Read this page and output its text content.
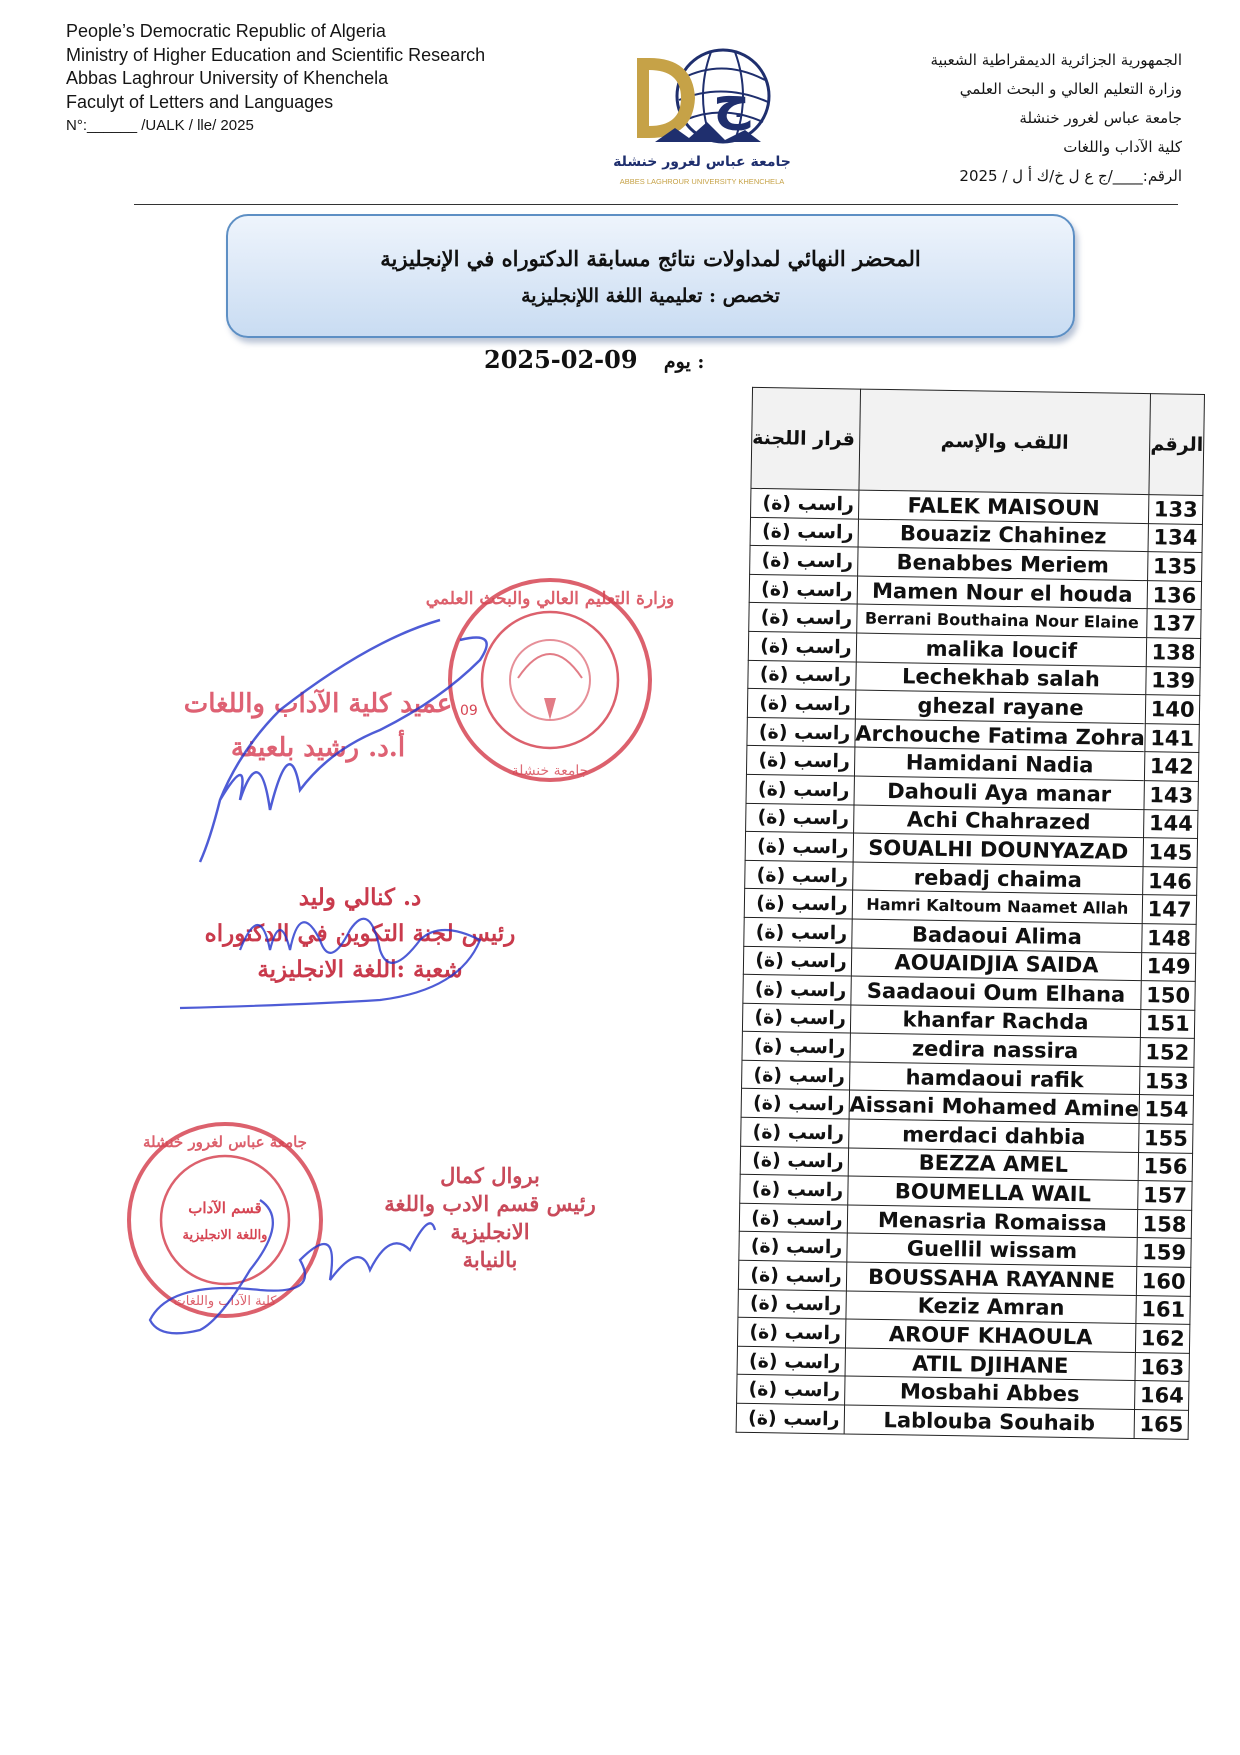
People’s Democratic Republic of Algeria
Ministry of Higher Education and Scientific Research
Abbas Laghrour University of Khenchela
Faculyt of Letters and Languages
N°:______ /UALK / lle/ 2025	ج
جامعة عباس لغرور خنشلة
ABBES LAGHROUR UNIVERSITY KHENCHELA
الجمهورية الجزائرية الديمقراطية الشعبية
وزارة التعليم العالي و البحث العلمي
جامعة عباس لغرور خنشلة
كلية الآداب واللغات
الرقم:____/ج ع ل خ/ك أ ل / 2025
المحضر النهائي لمداولات نتائج مسابقة الدكتوراه في الإنجليزية
تخصص : تعليمية اللغة اللإنجليزية
2025-02-09 يوم :
الرقم	اللقب والإسم	قرار اللجنة
133	FALEK MAISOUN	راسب (ة)
134	Bouaziz Chahinez	راسب (ة)
135	Benabbes Meriem	راسب (ة)
136	Mamen Nour el houda	راسب (ة)
137	Berrani Bouthaina Nour Elaine	راسب (ة)
138	malika loucif	راسب (ة)
139	Lechekhab salah	راسب (ة)
140	ghezal rayane	راسب (ة)
141	Archouche Fatima Zohra	راسب (ة)
142	Hamidani Nadia	راسب (ة)
143	Dahouli Aya manar	راسب (ة)
144	Achi Chahrazed	راسب (ة)
145	SOUALHI DOUNYAZAD	راسب (ة)
146	rebadj chaima	راسب (ة)
147	Hamri Kaltoum Naamet Allah	راسب (ة)
148	Badaoui Alima	راسب (ة)
149	AOUAIDJIA SAIDA	راسب (ة)
150	Saadaoui Oum Elhana	راسب (ة)
151	khanfar Rachda	راسب (ة)
152	zedira nassira	راسب (ة)
153	hamdaoui rafik	راسب (ة)
154	Aissani Mohamed Amine	راسب (ة)
155	merdaci dahbia	راسب (ة)
156	BEZZA AMEL	راسب (ة)
157	BOUMELLA WAIL	راسب (ة)
158	Menasria Romaissa	راسب (ة)
159	Guellil wissam	راسب (ة)
160	BOUSSAHA RAYANNE	راسب (ة)
161	Keziz Amran	راسب (ة)
162	AROUF KHAOULA	راسب (ة)
163	ATIL DJIHANE	راسب (ة)
164	Mosbahi Abbes	راسب (ة)
165	Lablouba Souhaib	راسب (ة)
وزارة التعليم العالي والبحث العلمي
09
جامعة خنشلة
عميد كلية الآداب واللغات
أ.د. رشيد بلعيفة
د. كنالي وليد
رئيس لجنة التكوين في الدكتوراه
شعبة :اللغة الانجليزية
جامعة عباس لغرور خنشلة
قسم الآداب
واللغة الانجليزية
كلية الآداب واللغات
بروال كمال
رئيس قسم الادب واللغة الانجليزية
بالنيابة
